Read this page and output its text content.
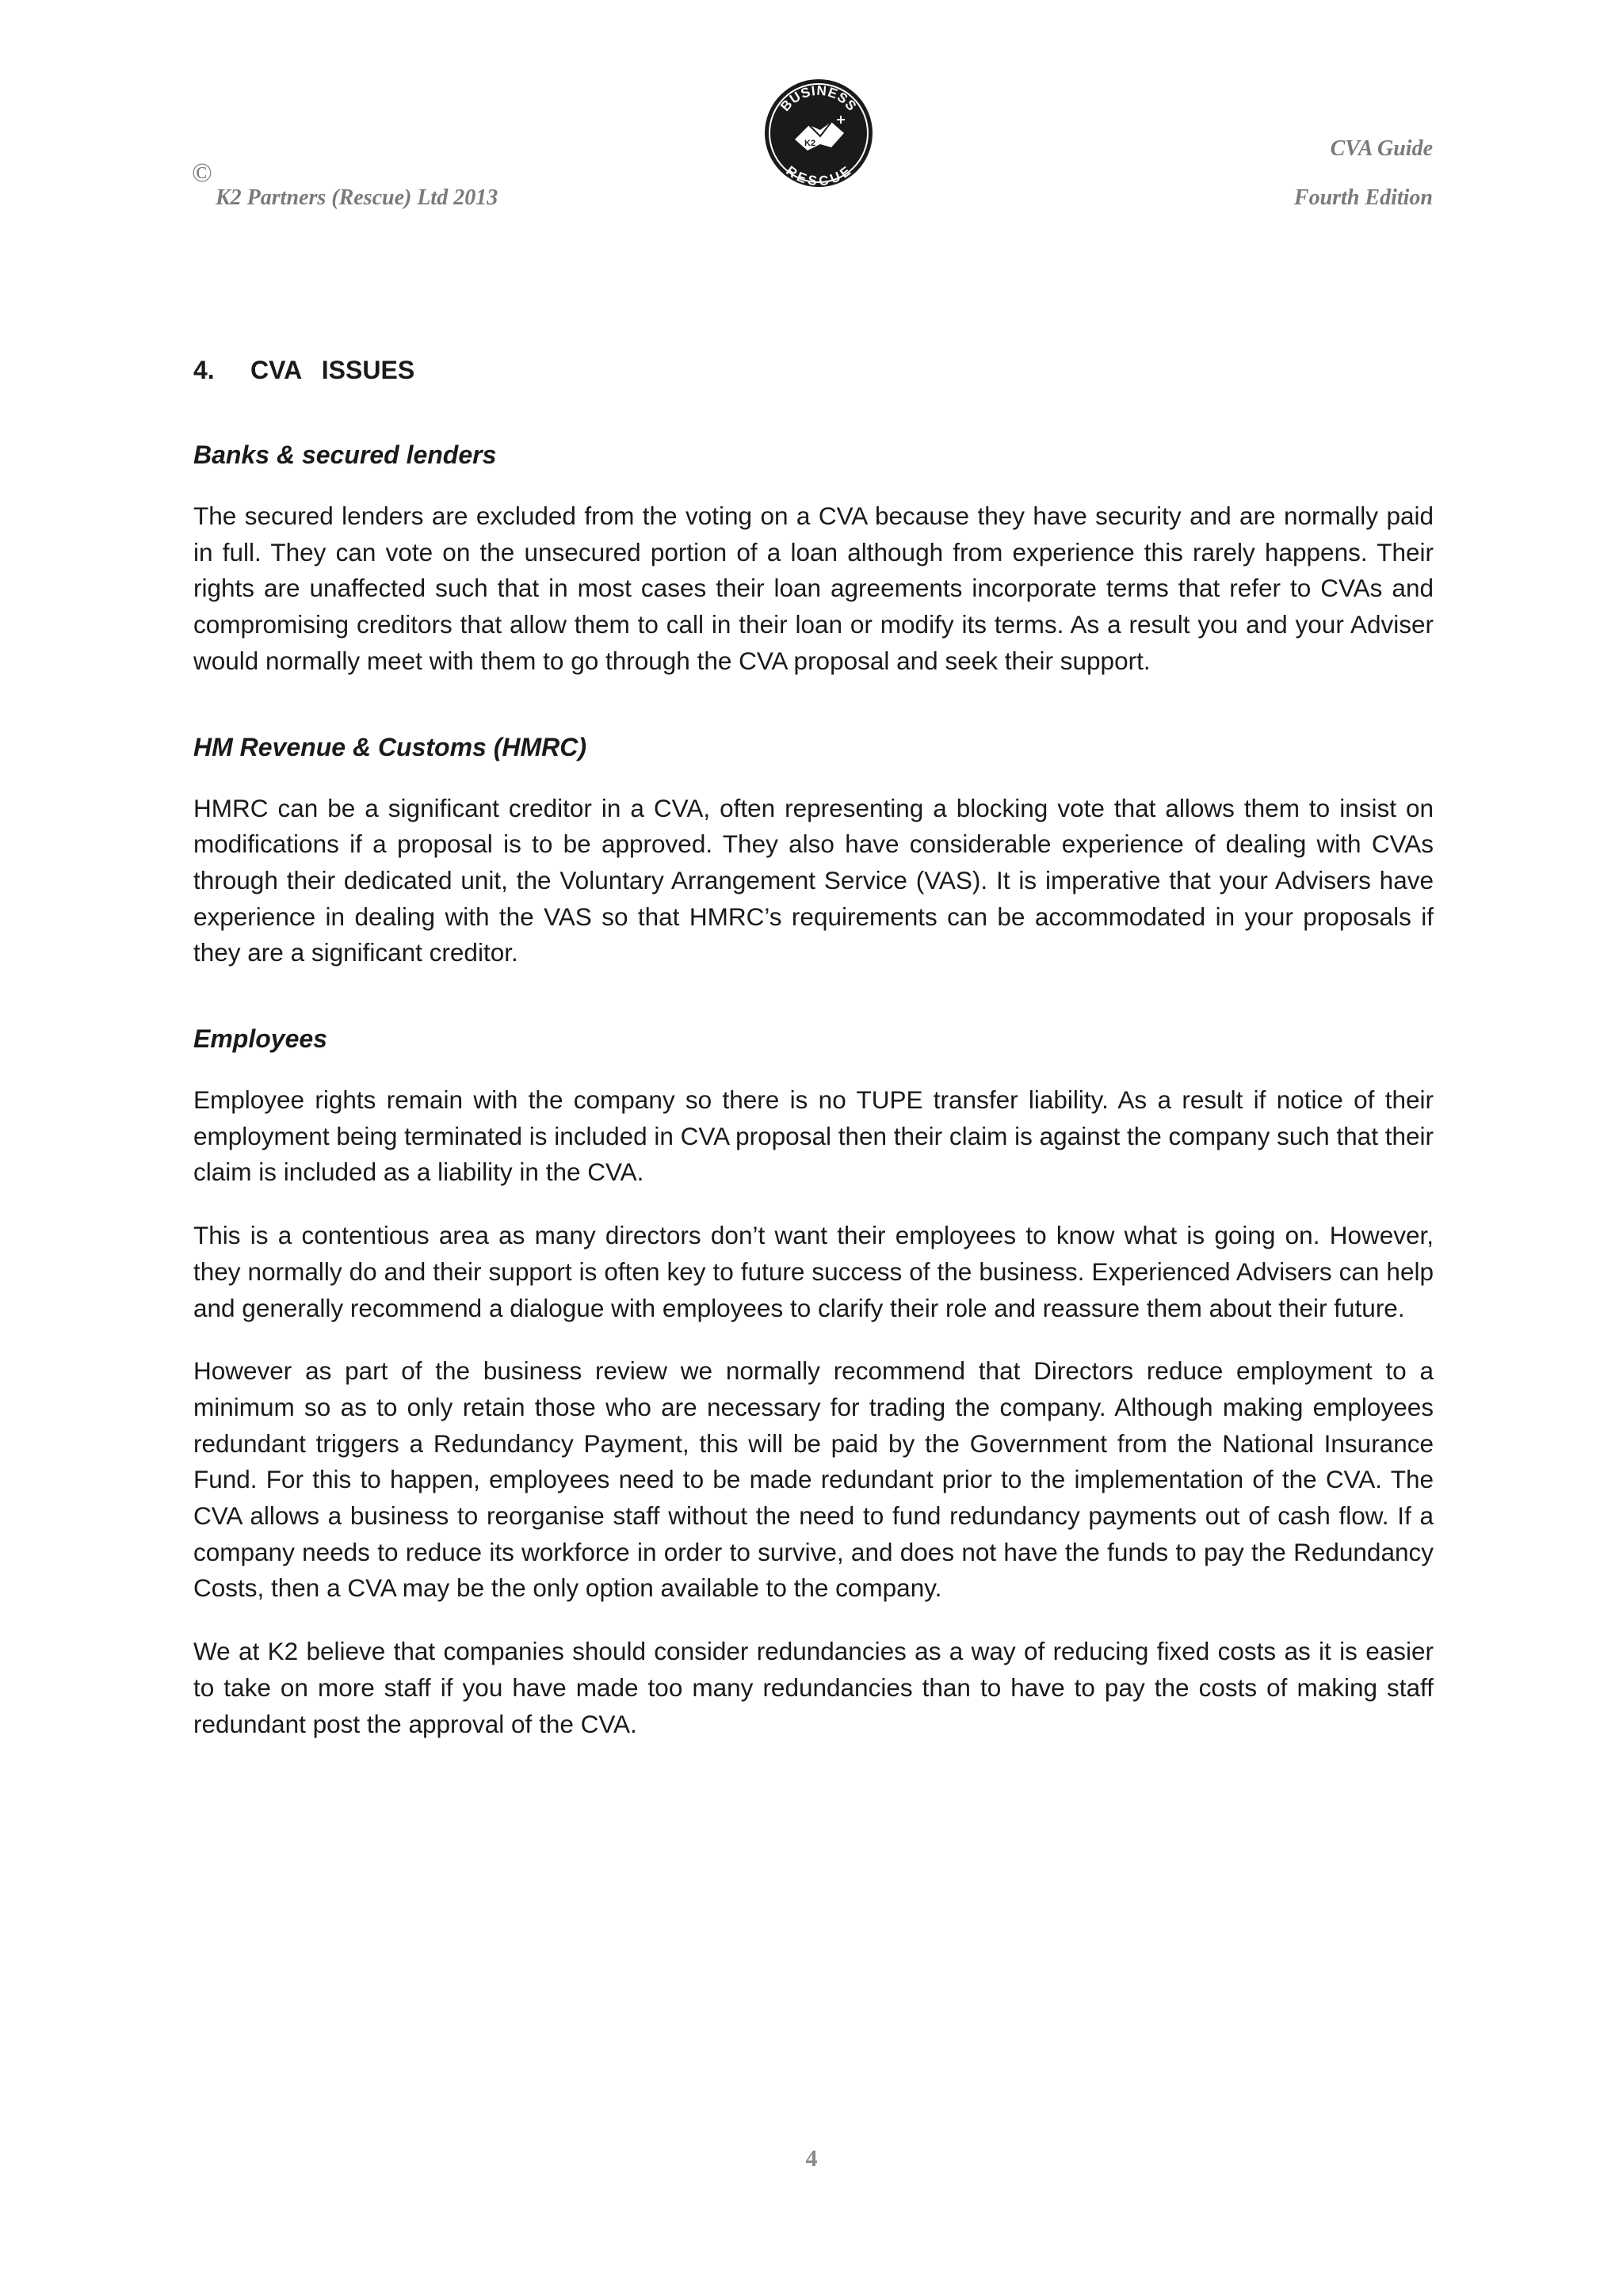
©
K2 Partners (Rescue) Ltd 2013
BUSINESS
RESCUE
K2	CVA Guide
Fourth Edition
4. CVA  ISSUES
Banks & secured lenders

The secured lenders are excluded from the voting on a CVA because they have security and are normally paid in full. They can vote on the unsecured portion of a loan although from experience this rarely happens. Their rights are unaffected such that in most cases their loan agreements incorporate terms that refer to CVAs and compromising creditors that allow them to call in their loan or modify its terms. As a result you and your Adviser would normally meet with them to go through the CVA proposal and seek their support.

HM Revenue & Customs (HMRC)

HMRC can be a significant creditor in a CVA, often representing a blocking vote that allows them to insist on modifications if a proposal is to be approved. They also have considerable experience of dealing with CVAs through their dedicated unit, the Voluntary Arrangement Service (VAS). It is imperative that your Advisers have experience in dealing with the VAS so that HMRC’s requirements can be accommodated in your proposals if they are a significant creditor.

Employees

Employee rights remain with the company so there is no TUPE transfer liability. As a result if notice of their employment being terminated is included in CVA proposal then their claim is against the company such that their claim is included as a liability in the CVA.

This is a contentious area as many directors don’t want their employees to know what is going on. However, they normally do and their support is often key to future success of the business. Experienced Advisers can help and generally recommend a dialogue with employees to clarify their role and reassure them about their future.

However as part of the business review we normally recommend that Directors reduce employment to a minimum so as to only retain those who are necessary for trading the company. Although making employees redundant triggers a Redundancy Payment, this will be paid by the Government from the National Insurance Fund. For this to happen, employees need to be made redundant prior to the implementation of the CVA. The CVA allows a business to reorganise staff without the need to fund redundancy payments out of cash flow. If a company needs to reduce its workforce in order to survive, and does not have the funds to pay the Redundancy Costs, then a CVA may be the only option available to the company.

We at K2 believe that companies should consider redundancies as a way of reducing fixed costs as it is easier to take on more staff if you have made too many redundancies than to have to pay the costs of making staff redundant post the approval of the CVA.

4
